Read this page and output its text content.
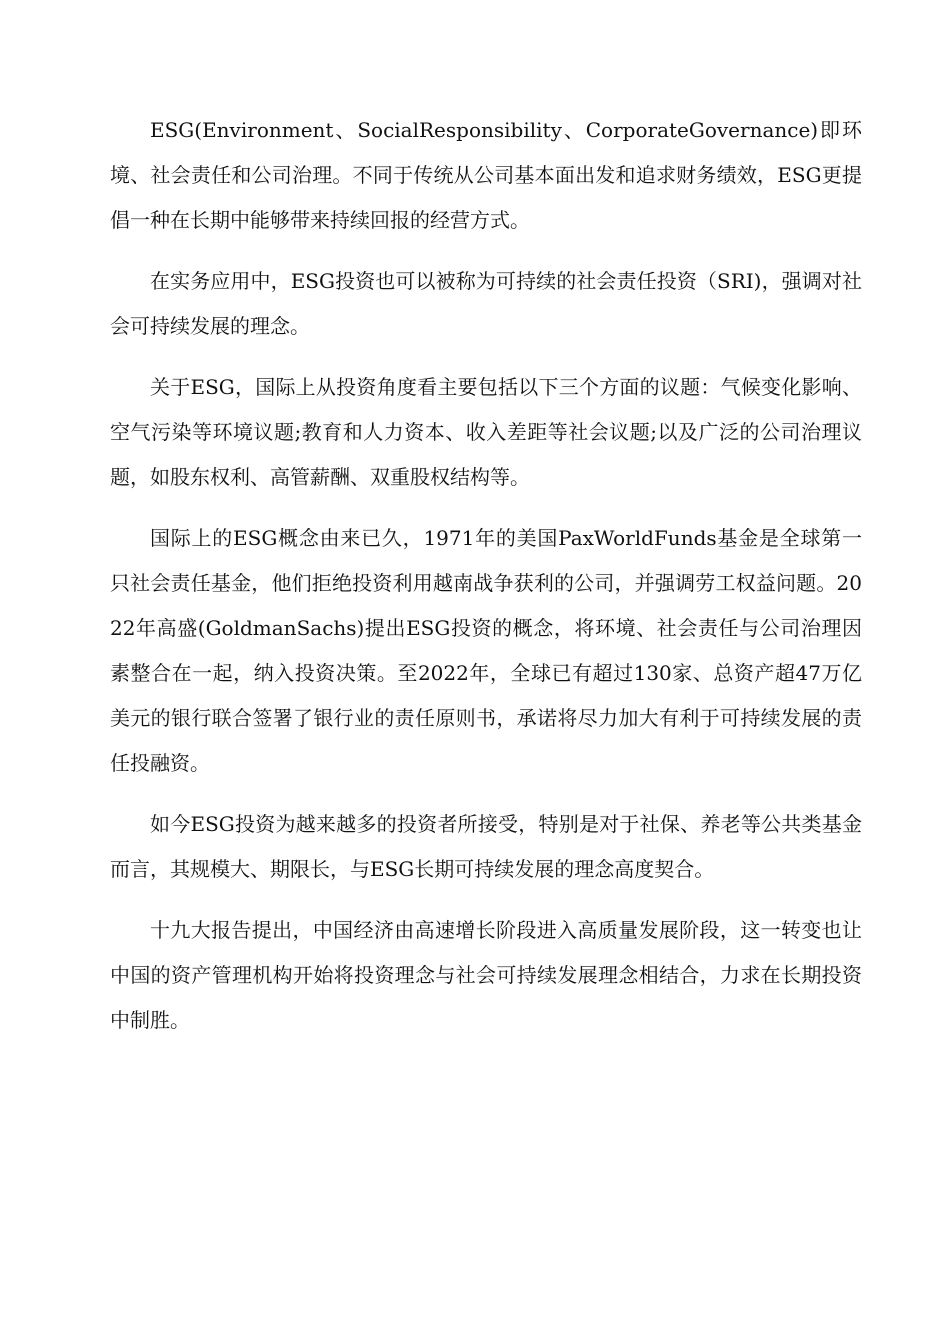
ESG(Environment、SocialResponsibility、CorporateGovernance)即环境、社会责任和公司治理。不同于传统从公司基本面出发和追求财务绩效，ESG更提倡一种在长期中能够带来持续回报的经营方式。

在实务应用中，ESG投资也可以被称为可持续的社会责任投资（SRI)，强调对社会可持续发展的理念。

关于ESG，国际上从投资角度看主要包括以下三个方面的议题：气候变化影响、空气污染等环境议题;教育和人力资本、收入差距等社会议题;以及广泛的公司治理议题，如股东权利、高管薪酬、双重股权结构等。

国际上的ESG概念由来已久，1971年的美国PaxWorldFunds基金是全球第一只社会责任基金，他们拒绝投资利用越南战争获利的公司，并强调劳工权益问题。2022年高盛(GoldmanSachs)提出ESG投资的概念，将环境、社会责任与公司治理因素整合在一起，纳入投资决策。至2022年，全球已有超过130家、总资产超47万亿美元的银行联合签署了银行业的责任原则书，承诺将尽力加大有利于可持续发展的责任投融资。

如今ESG投资为越来越多的投资者所接受，特别是对于社保、养老等公共类基金而言，其规模大、期限长，与ESG长期可持续发展的理念高度契合。

十九大报告提出，中国经济由高速增长阶段进入高质量发展阶段，这一转变也让中国的资产管理机构开始将投资理念与社会可持续发展理念相结合，力求在长期投资中制胜。
